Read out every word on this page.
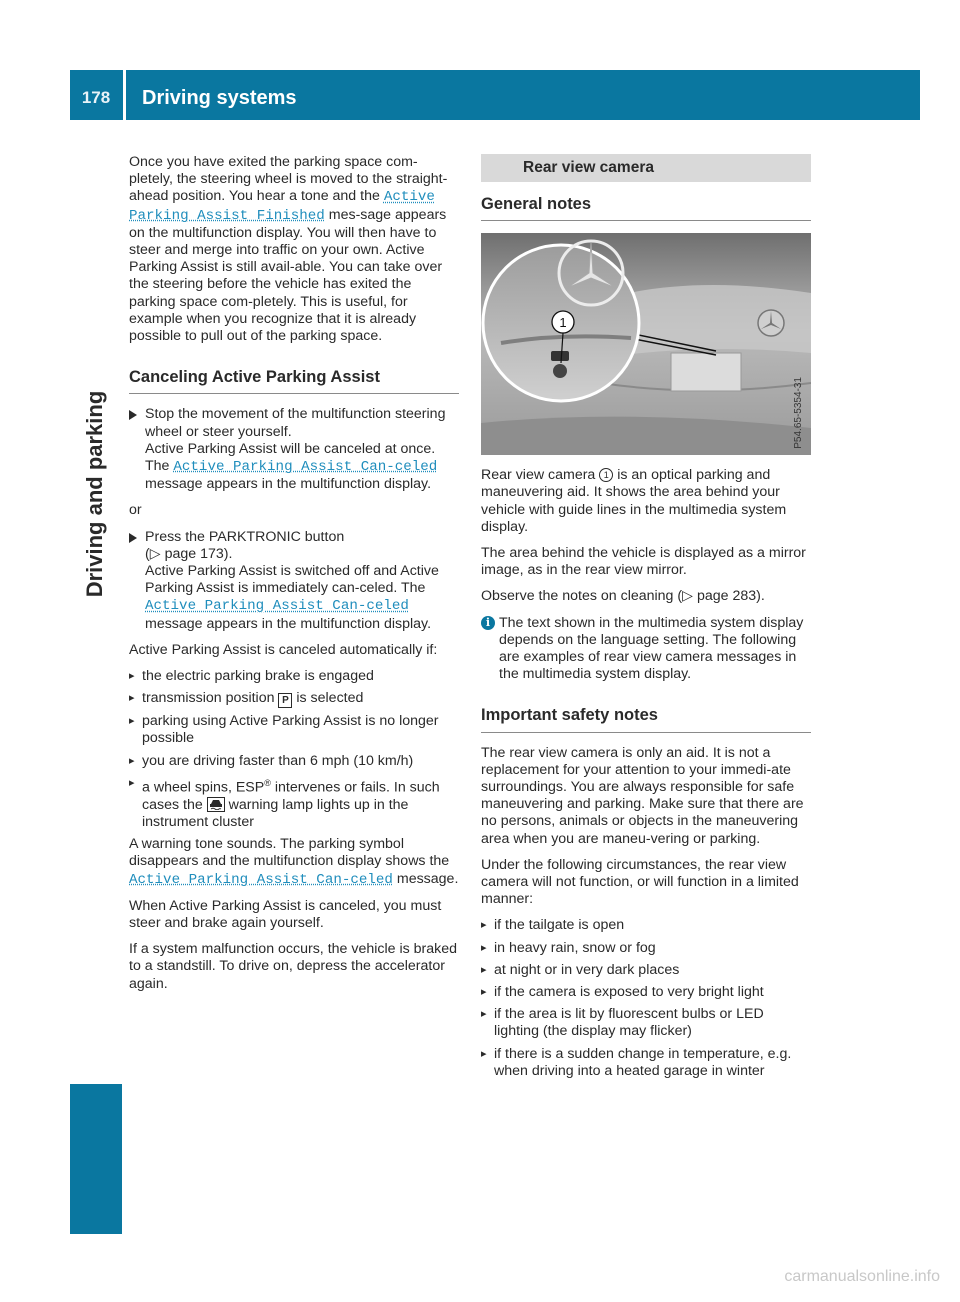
178	Driving systems
Driving and parking

Once you have exited the parking space com-pletely, the steering wheel is moved to the straight-ahead position. You hear a tone and the Active Parking Assist Finished mes-sage appears on the multifunction display. You will then have to steer and merge into traffic on your own. Active Parking Assist is still avail-able. You can take over the steering before the vehicle has exited the parking space com-pletely. This is useful, for example when you recognize that it is already possible to pull out of the parking space.

Canceling Active Parking Assist
Stop the movement of the multifunction steering wheel or steer yourself.
Active Parking Assist will be canceled at once. The Active Parking Assist Can‐celed message appears in the multifunction display.

or

Press the PARKTRONIC button
(▷ page 173).
Active Parking Assist is switched off and Active Parking Assist is immediately can-celed. The Active Parking Assist Can‐celed message appears in the multifunction display.

Active Parking Assist is canceled automatically if:

▸ the electric parking brake is engaged
▸ transmission position P is selected
▸ parking using Active Parking Assist is no longer possible
▸ you are driving faster than 6 mph (10 km/h)
▸ a wheel spins, ESP® intervenes or fails. In such cases the  warning lamp lights up in the instrument cluster

A warning tone sounds. The parking symbol disappears and the multifunction display shows the Active Parking Assist Can‐celed message.

When Active Parking Assist is canceled, you must steer and brake again yourself.

If a system malfunction occurs, the vehicle is braked to a standstill. To drive on, depress the accelerator again.

Rear view camera
General notes
1
P54.65-5354-31

Rear view camera 1 is an optical parking and maneuvering aid. It shows the area behind your vehicle with guide lines in the multimedia system display.

The area behind the vehicle is displayed as a mirror image, as in the rear view mirror.

Observe the notes on cleaning (▷ page 283).

i The text shown in the multimedia system display depends on the language setting. The following are examples of rear view camera messages in the multimedia system display.
Important safety notes

The rear view camera is only an aid. It is not a replacement for your attention to your immedi-ate surroundings. You are always responsible for safe maneuvering and parking. Make sure that there are no persons, animals or objects in the maneuvering area when you are maneu-vering or parking.

Under the following circumstances, the rear view camera will not function, or will function in a limited manner:

▸ if the tailgate is open
▸ in heavy rain, snow or fog
▸ at night or in very dark places
▸ if the camera is exposed to very bright light
▸ if the area is lit by fluorescent bulbs or LED lighting (the display may flicker)
▸ if there is a sudden change in temperature, e.g. when driving into a heated garage in winter
carmanualsonline.info
